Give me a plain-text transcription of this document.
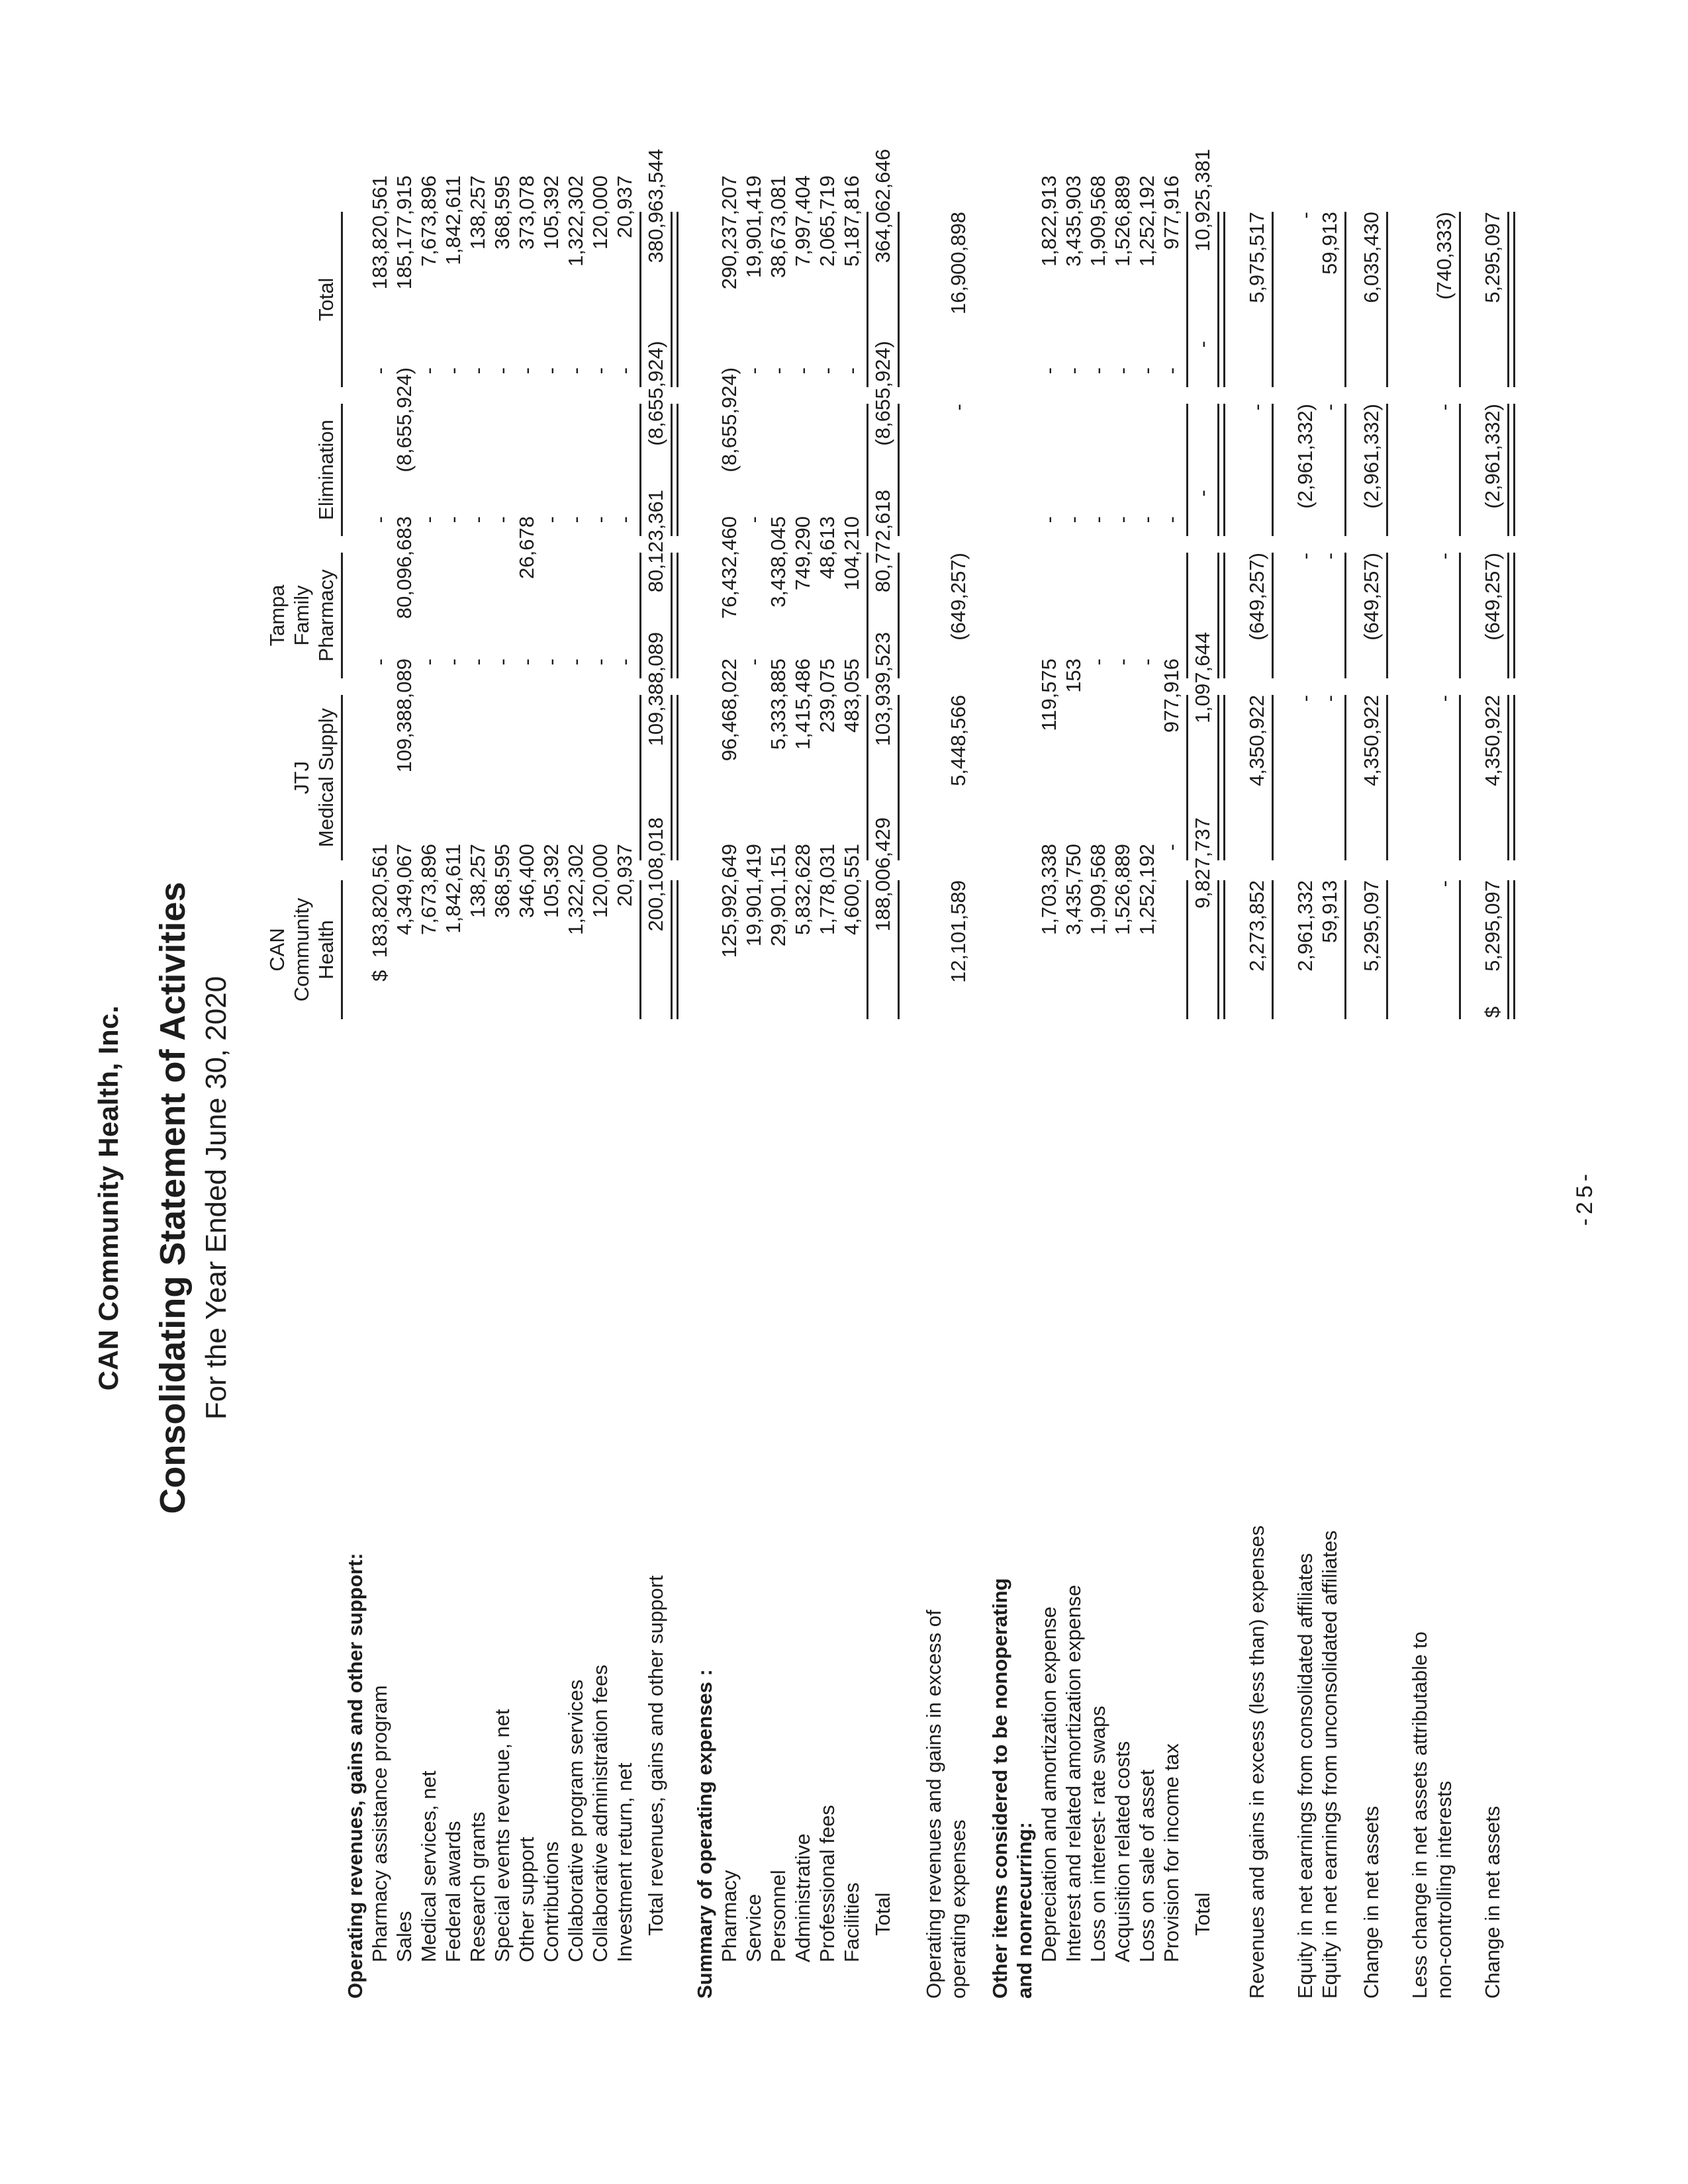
CAN Community Health, Inc. Consolidating Statement of Activities For the Year Ended June 30, 2020
CAN Community Health
JTJ Medical Supply
Tampa Family Pharmacy

Elimination

Total
Operating revenues, gains and other support: Pharmacy assistance program
$
183,820,561
-
-
-
183,820,561
Sales
4,349,067
109,388,089
80,096,683
(8,655,924)
185,177,915
Medical services, net
7,673,896
-
-
-
7,673,896
Federal awards
1,842,611
-
-
-
1,842,611
Research grants
138,257
-
-
-
138,257
Special events revenue, net
368,595
-
-
-
368,595
Other support
346,400
-
26,678
-
373,078
Contributions
105,392
-
-
-
105,392
Collaborative program services
1,322,302
-
-
-
1,322,302
Collaborative administration fees
120,000
-
-
-
120,000
Investment return, net
20,937
-
-
-
20,937
Total revenues, gains and other support
200,108,018
109,388,089
80,123,361
(8,655,924)
380,963,544
Summary of operating expenses : Pharmacy
125,992,649
96,468,022
76,432,460
(8,655,924)
290,237,207
Service
19,901,419
-
-
-
19,901,419
Personnel
29,901,151
5,333,885
3,438,045
-
38,673,081
Administrative
5,832,628
1,415,486
749,290
-
7,997,404
Professional fees
1,778,031
239,075
48,613
-
2,065,719
Facilities
4,600,551
483,055
104,210
-
5,187,816
Total
188,006,429
103,939,523
80,772,618
(8,655,924)
364,062,646
Operating revenues and gains in excess of operating expenses
12,101,589
5,448,566
(649,257)
-
16,900,898
Other items considered to be nonoperating and nonrecurring: Depreciation and amortization expense
1,703,338
119,575
-
-
1,822,913
Interest and related amortization expense
3,435,750
153
-
-
3,435,903
Loss on interest- rate swaps
1,909,568
-
-
-
1,909,568
Acquisition related costs
1,526,889
-
-
-
1,526,889
Loss on sale of asset
1,252,192
-
-
-
1,252,192
Provision for income tax
-
977,916
-
-
977,916
Total
9,827,737
1,097,644
-
-
10,925,381
Revenues and gains in excess (less than) expenses
2,273,852
4,350,922
(649,257)
-
5,975,517
Equity in net earnings from consolidated affiliates
2,961,332
-
-
(2,961,332)
-
Equity in net earnings from unconsolidated affiliates
59,913
-
-
-
59,913
Change in net assets
5,295,097
4,350,922
(649,257)
(2,961,332)
6,035,430
Less change in net assets attributable to non-controlling interests
-
-
-
-
(740,333)
Change in net assets
$
5,295,097
4,350,922
(649,257)
(2,961,332)
5,295,097
-25-
